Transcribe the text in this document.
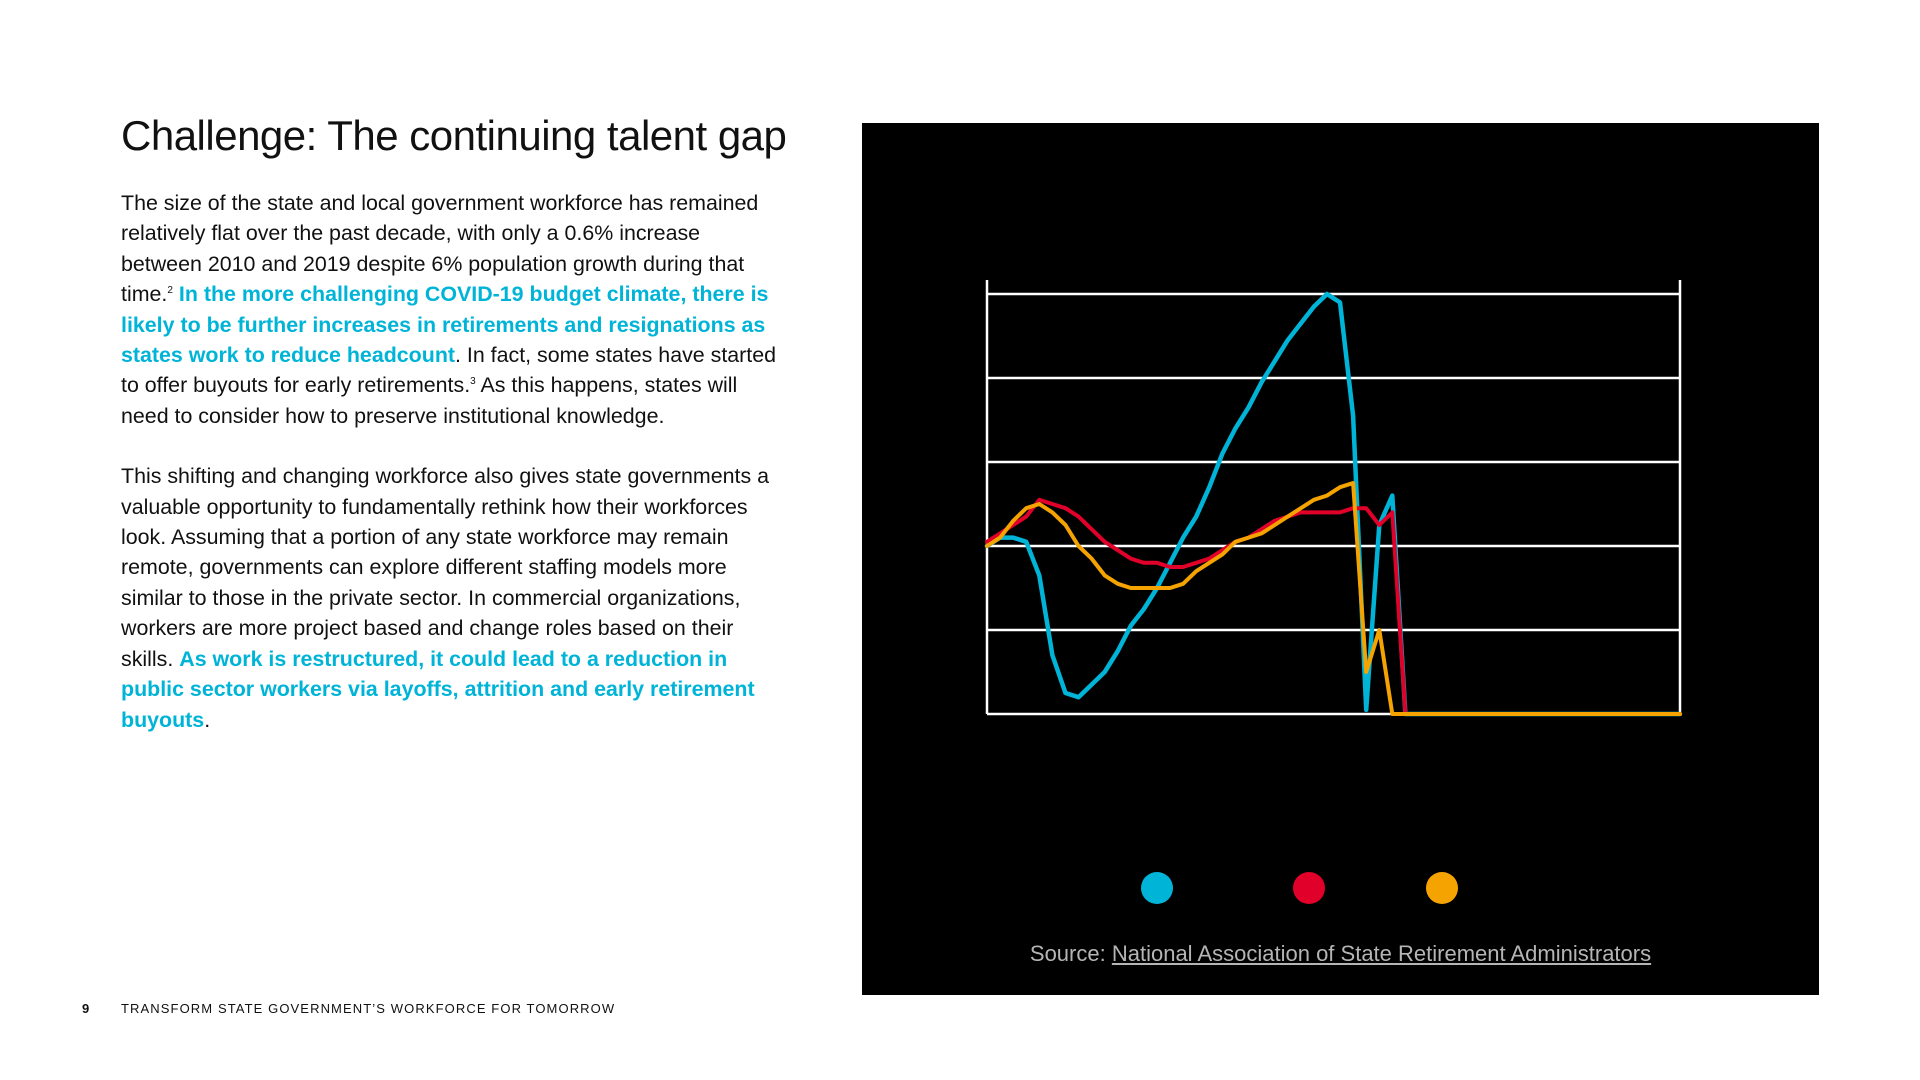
Challenge: The continuing talent gap

The size of the state and local government workforce has remained relatively flat over the past decade, with only a 0.6% increase between 2010 and 2019 despite 6% population growth during that time.$^2$ In the more challenging COVID-19 budget climate, there is likely to be further increases in retirements and resignations as states work to reduce headcount. In fact, some states have started to offer buyouts for early retirements.$^3$ As this happens, states will need to consider how to preserve institutional knowledge.

This shifting and changing workforce also gives state governments a valuable opportunity to fundamentally rethink how their workforces look. Assuming that a portion of any state workforce may remain remote, governments can explore different staffing models more similar to those in the private sector. In commercial organizations, workers are more project based and change roles based on their skills. As work is restructured, it could lead to a reduction in public sector workers via layoffs, attrition and early retirement buyouts.

Source: National Association of State Retirement Administrators
9 TRANSFORM STATE GOVERNMENT’S WORKFORCE FOR TOMORROW
